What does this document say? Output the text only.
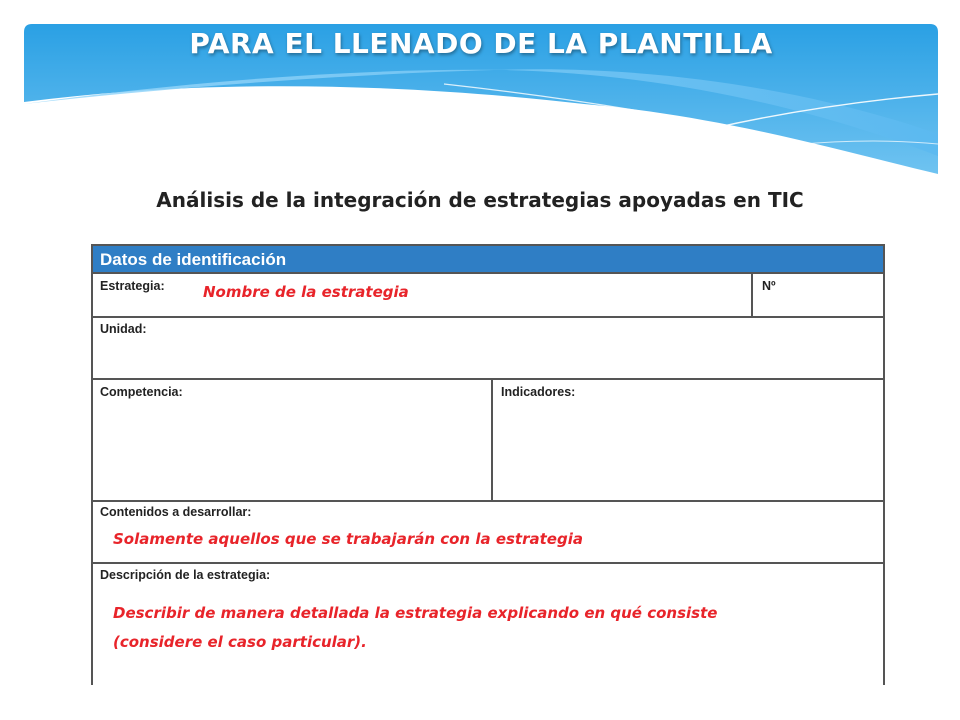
PARA EL LLENADO DE LA PLANTILLA
Análisis de la integración de estrategias apoyadas en TIC
Datos de identificación
Estrategia:	Nº
Unidad:
Competencia:	Indicadores:
Contenidos a desarrollar:
Descripción de la estrategia:
Nombre de la estrategia
Solamente aquellos que se trabajarán con la estrategia
Describir de manera detallada la estrategia explicando en qué consiste
(considere el caso particular).
